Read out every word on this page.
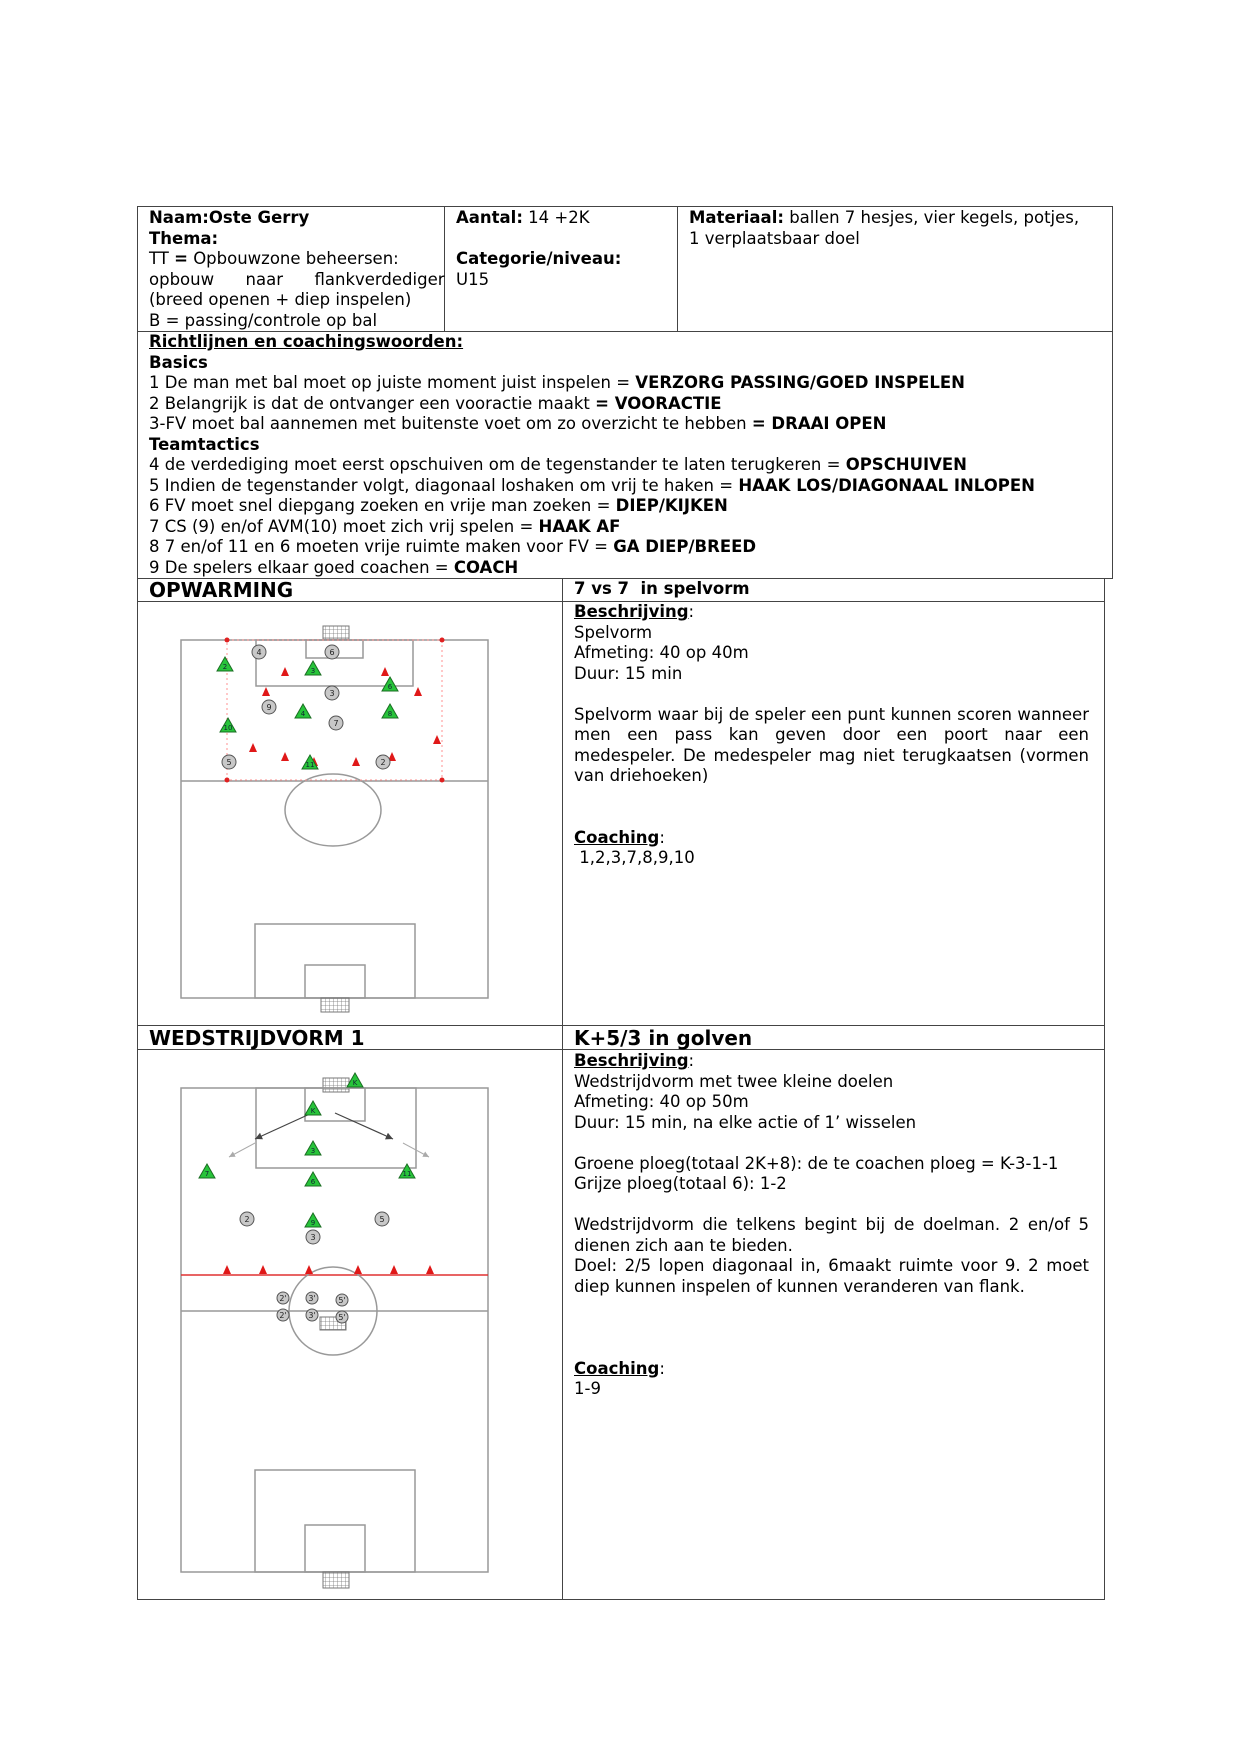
Naam:Oste Gerry
Thema:
TT = Opbouwzone beheersen:
opbouw      naar      flankverdediger
(breed openen + diep inspelen)
B = passing/controle op bal
Aantal: 14 +2K

Categorie/niveau:
U15
Materiaal: ballen 7 hesjes, vier kegels, potjes,
1 verplaatsbaar doel
Richtlijnen en coachingswoorden:
Basics
1 De man met bal moet op juiste moment juist inspelen = VERZORG PASSING/GOED INSPELEN
2 Belangrijk is dat de ontvanger een vooractie maakt = VOORACTIE
3-FV moet bal aannemen met buitenste voet om zo overzicht te hebben = DRAAI OPEN
Teamtactics
4 de verdediging moet eerst opschuiven om de tegenstander te laten terugkeren = OPSCHUIVEN
5 Indien de tegenstander volgt, diagonaal loshaken om vrij te haken = HAAK LOS/DIAGONAAL INLOPEN
6 FV moet snel diepgang zoeken en vrije man zoeken = DIEP/KIJKEN
7 CS (9) en/of AVM(10) moet zich vrij spelen = HAAK AF
8 7 en/of 11 en 6 moeten vrije ruimte maken voor FV = GA DIEP/BREED
9 De spelers elkaar goed coachen = COACH
OPWARMING	7 vs 7  in spelvorm
Beschrijving:
Spelvorm
Afmeting: 40 op 40m
Duur: 15 min

Spelvorm waar bij de speler een punt kunnen scoren wanneer men een pass kan geven door een poort naar een medespeler. De medespeler mag niet terugkaatsen (vormen van driehoeken)

Coaching:
1,2,3,7,8,9,10
4	6
3
9
7
5	2
2	3
6
4	8
10
11
WEDSTRIJDVORM 1	K+5/3 in golven
Beschrijving:
Wedstrijdvorm met twee kleine doelen
Afmeting: 40 op 50m
Duur: 15 min, na elke actie of 1’ wisselen

Groene ploeg(totaal 2K+8): de te coachen ploeg = K-3-1-1
Grijze ploeg(totaal 6): 1-2

Wedstrijdvorm die telkens begint bij de doelman. 2 en/of 5 dienen zich aan te bieden.
Doel: 2/5 lopen diagonaal in, 6maakt ruimte voor 9. 2 moet diep kunnen inspelen of kunnen veranderen van flank.

Coaching:
1-9
2	5
3
2'	3'	5'
2'	3'	5'
K
K
3
7
6
11
9
